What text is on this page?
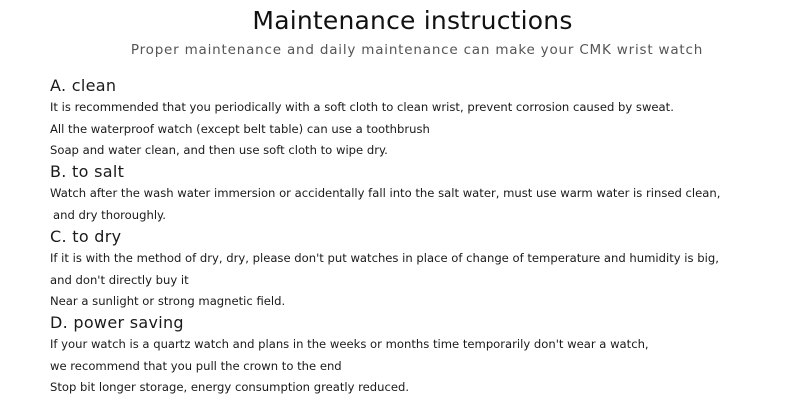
Maintenance instructions

Proper maintenance and daily maintenance can make your CMK wrist watch

A. clean
It is recommended that you periodically with a soft cloth to clean wrist, prevent corrosion caused by sweat.
All the waterproof watch (except belt table) can use a toothbrush
Soap and water clean, and then use soft cloth to wipe dry.
B. to salt
Watch after the wash water immersion or accidentally fall into the salt water, must use warm water is rinsed clean,
and dry thoroughly.
C. to dry
If it is with the method of dry, dry, please don't put watches in place of change of temperature and humidity is big,
and don't directly buy it
Near a sunlight or strong magnetic field.
D. power saving
If your watch is a quartz watch and plans in the weeks or months time temporarily don't wear a watch,
we recommend that you pull the crown to the end
Stop bit longer storage, energy consumption greatly reduced.
